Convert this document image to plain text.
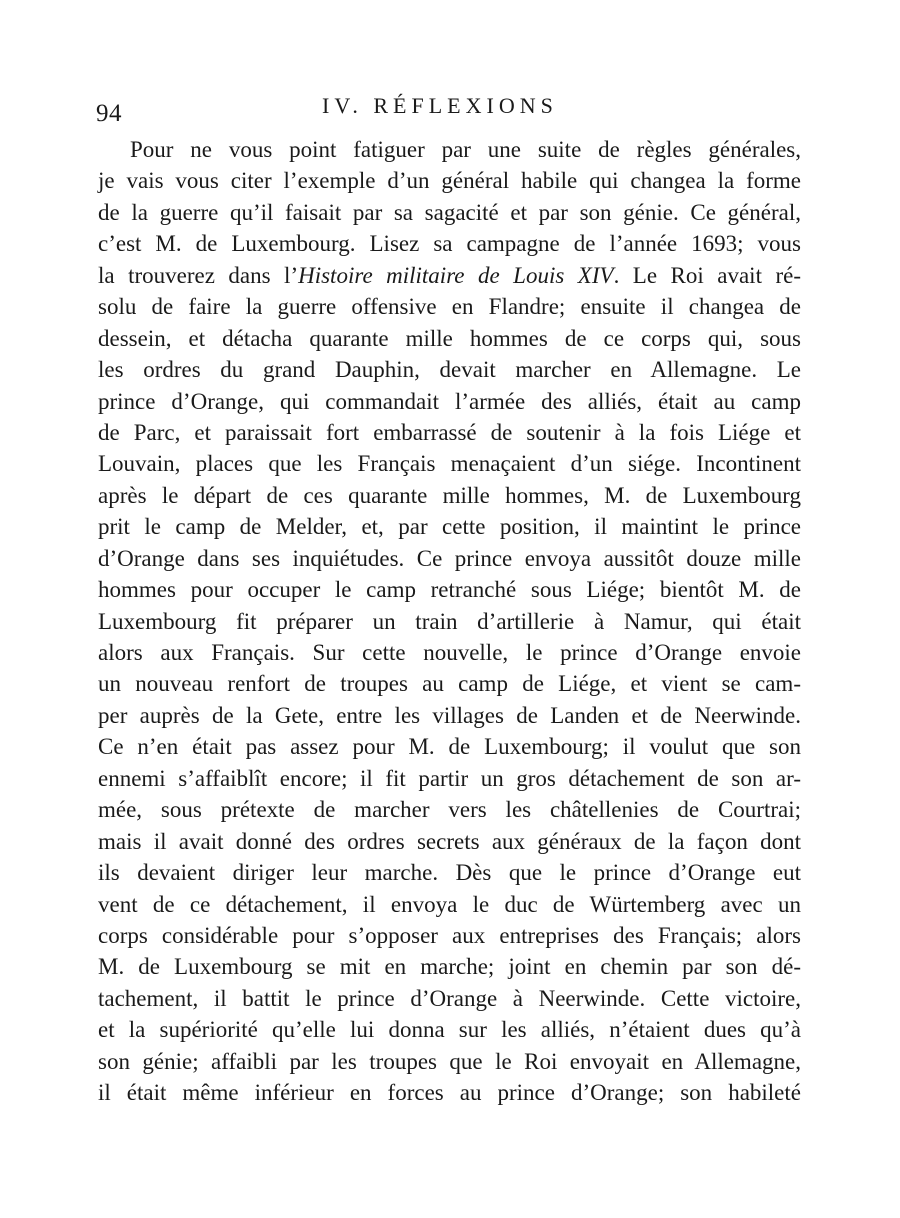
94	IV. RÉFLEXIONS
Pour ne vous point fatiguer par une suite de règles générales,
je vais vous citer l’exemple d’un général habile qui changea la forme
de la guerre qu’il faisait par sa sagacité et par son génie. Ce général,
c’est M. de Luxembourg. Lisez sa campagne de l’année 1693; vous
la trouverez dans l’Histoire militaire de Louis XIV. Le Roi avait ré-
solu de faire la guerre offensive en Flandre; ensuite il changea de
dessein, et détacha quarante mille hommes de ce corps qui, sous
les ordres du grand Dauphin, devait marcher en Allemagne. Le
prince d’Orange, qui commandait l’armée des alliés, était au camp
de Parc, et paraissait fort embarrassé de soutenir à la fois Liége et
Louvain, places que les Français menaçaient d’un siége. Incontinent
après le départ de ces quarante mille hommes, M. de Luxembourg
prit le camp de Melder, et, par cette position, il maintint le prince
d’Orange dans ses inquiétudes. Ce prince envoya aussitôt douze mille
hommes pour occuper le camp retranché sous Liége; bientôt M. de
Luxembourg fit préparer un train d’artillerie à Namur, qui était
alors aux Français. Sur cette nouvelle, le prince d’Orange envoie
un nouveau renfort de troupes au camp de Liége, et vient se cam-
per auprès de la Gete, entre les villages de Landen et de Neerwinde.
Ce n’en était pas assez pour M. de Luxembourg; il voulut que son
ennemi s’affaiblît encore; il fit partir un gros détachement de son ar-
mée, sous prétexte de marcher vers les châtellenies de Courtrai;
mais il avait donné des ordres secrets aux généraux de la façon dont
ils devaient diriger leur marche. Dès que le prince d’Orange eut
vent de ce détachement, il envoya le duc de Würtemberg avec un
corps considérable pour s’opposer aux entreprises des Français; alors
M. de Luxembourg se mit en marche; joint en chemin par son dé-
tachement, il battit le prince d’Orange à Neerwinde. Cette victoire,
et la supériorité qu’elle lui donna sur les alliés, n’étaient dues qu’à
son génie; affaibli par les troupes que le Roi envoyait en Allemagne,
il était même inférieur en forces au prince d’Orange; son habileté
